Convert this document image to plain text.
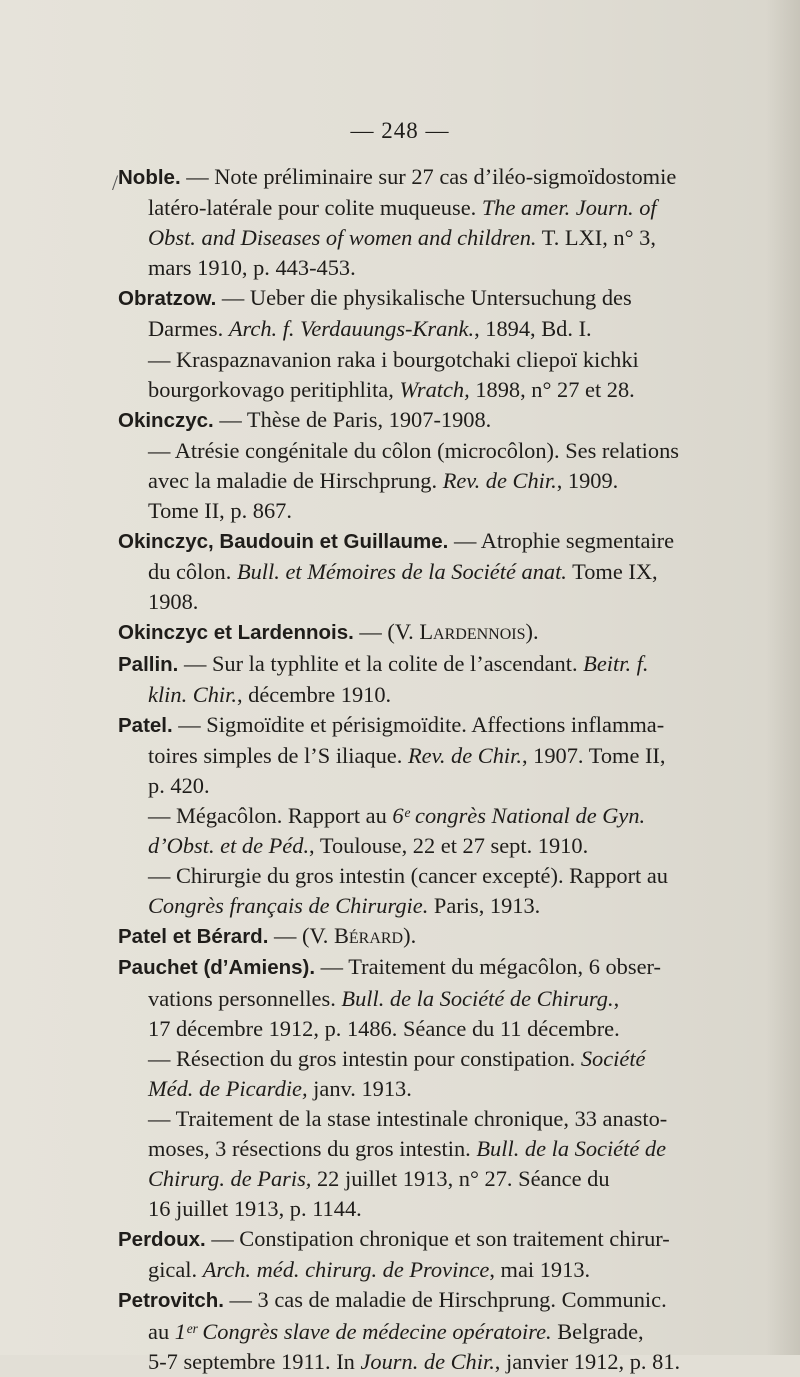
— 248 —
/ Noble. — Note préliminaire sur 27 cas d’iléo-sigmoïdostomie
latéro-latérale pour colite muqueuse. The amer. Journ. of
Obst. and Diseases of women and children. T. LXI, n° 3,
mars 1910, p. 443-453.
Obratzow. — Ueber die physikalische Untersuchung des
Darmes. Arch. f. Verdauungs-Krank., 1894, Bd. I.
— Kraspaznavanion raka i bourgotchaki cliepoï kichki
bourgorkovago peritiphlita, Wratch, 1898, n° 27 et 28.
Okinczyc. — Thèse de Paris, 1907-1908.
— Atrésie congénitale du côlon (microcôlon). Ses relations
avec la maladie de Hirschprung. Rev. de Chir., 1909.
Tome II, p. 867.
Okinczyc, Baudouin et Guillaume. — Atrophie segmentaire
du côlon. Bull. et Mémoires de la Société anat. Tome IX,
1908.
Okinczyc et Lardennois. — (V. Lardennois).
Pallin. — Sur la typhlite et la colite de l’ascendant. Beitr. f.
klin. Chir., décembre 1910.
Patel. — Sigmoïdite et périsigmoïdite. Affections inflamma-
toires simples de l’S iliaque. Rev. de Chir., 1907. Tome II,
p. 420.
— Mégacôlon. Rapport au 6ᵉ congrès National de Gyn.
d’Obst. et de Péd., Toulouse, 22 et 27 sept. 1910.
— Chirurgie du gros intestin (cancer excepté). Rapport au
Congrès français de Chirurgie. Paris, 1913.
Patel et Bérard. — (V. Bérard).
Pauchet (d’Amiens). — Traitement du mégacôlon, 6 obser-
vations personnelles. Bull. de la Société de Chirurg.,
17 décembre 1912, p. 1486. Séance du 11 décembre.
— Résection du gros intestin pour constipation. Société
Méd. de Picardie, janv. 1913.
— Traitement de la stase intestinale chronique, 33 anasto-
moses, 3 résections du gros intestin. Bull. de la Société de
Chirurg. de Paris, 22 juillet 1913, n° 27. Séance du
16 juillet 1913, p. 1144.
Perdoux. — Constipation chronique et son traitement chirur-
gical. Arch. méd. chirurg. de Province, mai 1913.
Petrovitch. — 3 cas de maladie de Hirschprung. Communic.
au 1ᵉʳ Congrès slave de médecine opératoire. Belgrade,
5-7 septembre 1911. In Journ. de Chir., janvier 1912, p. 81.
